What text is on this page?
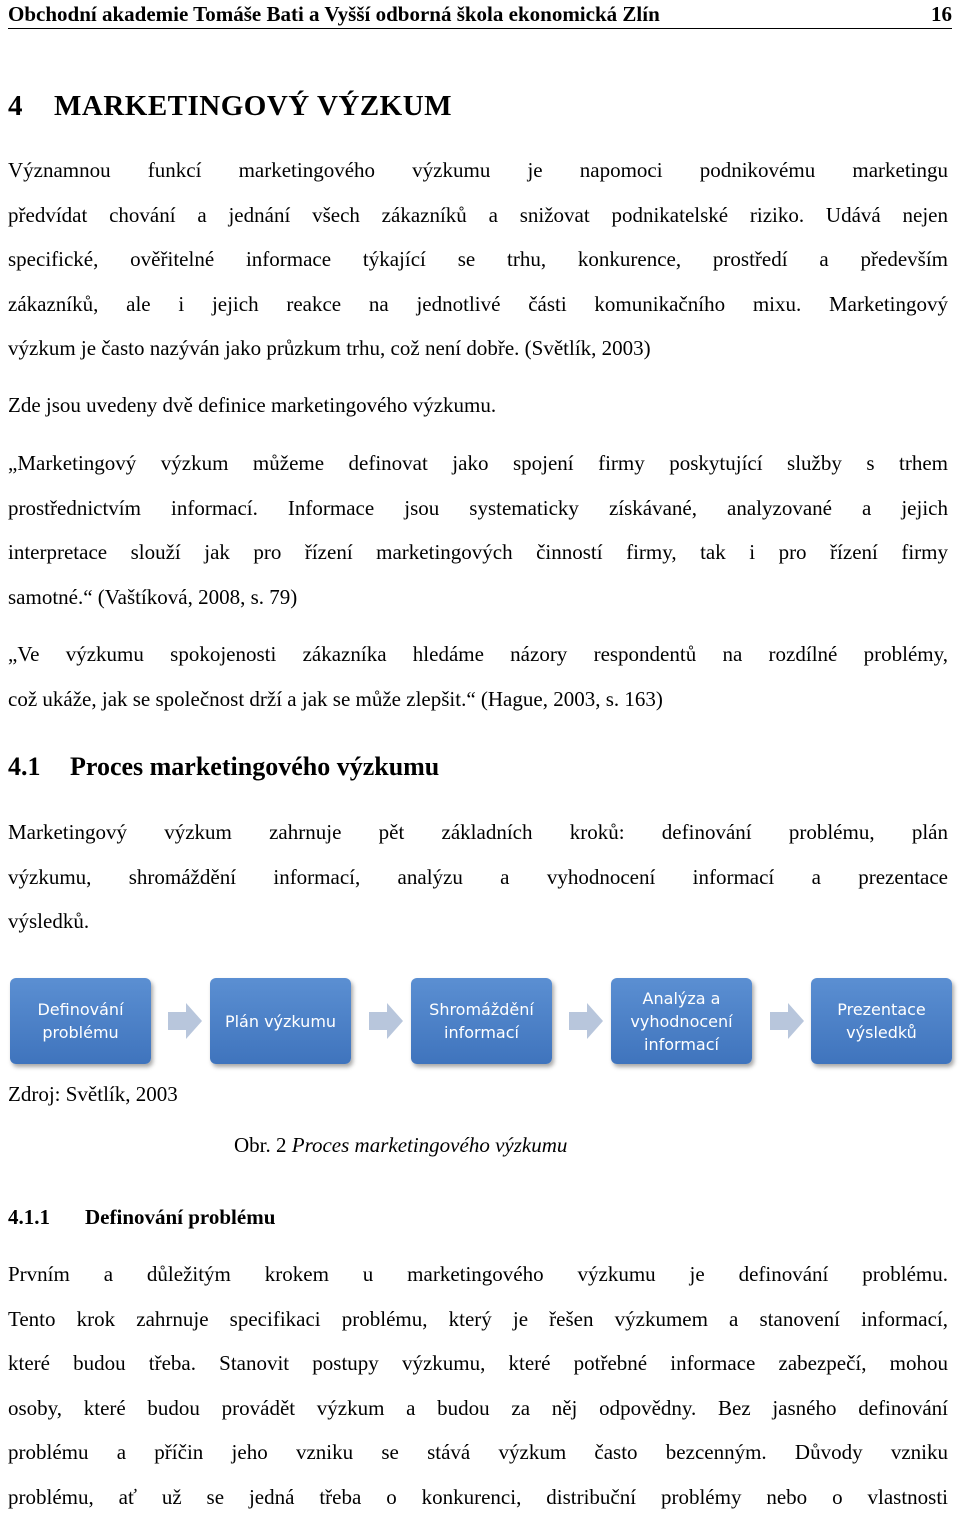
Obchodní akademie Tomáše Bati a Vyšší odborná škola ekonomická Zlín	16
4 MARKETINGOVÝ VÝZKUM
Významnou funkcí marketingového výzkumu je napomoci podnikovému marketingu
předvídat chování a jednání všech zákazníků a snižovat podnikatelské riziko. Udává nejen
specifické, ověřitelné informace týkající se trhu, konkurence, prostředí a především
zákazníků, ale i jejich reakce na jednotlivé části komunikačního mixu. Marketingový
výzkum je často nazýván jako průzkum trhu, což není dobře. (Světlík, 2003)
Zde jsou uvedeny dvě definice marketingového výzkumu.
„Marketingový výzkum můžeme definovat jako spojení firmy poskytující služby s trhem
prostřednictvím informací. Informace jsou systematicky získávané, analyzované a jejich
interpretace slouží jak pro řízení marketingových činností firmy, tak i pro řízení firmy
samotné.“ (Vaštíková, 2008, s. 79)
„Ve výzkumu spokojenosti zákazníka hledáme názory respondentů na rozdílné problémy,
což ukáže, jak se společnost drží a jak se může zlepšit.“ (Hague, 2003, s. 163)
4.1 Proces marketingového výzkumu
Marketingový výzkum zahrnuje pět základních kroků: definování problému, plán
výzkumu, shromáždění informací, analýzu a vyhodnocení informací a prezentace
výsledků.
Definování problému
Plán výzkumu
Shromáždění informací
Analýza a vyhodnocení informací
Prezentace výsledků
Zdroj: Světlík, 2003
Obr. 2 Proces marketingového výzkumu
4.1.1 Definování problému
Prvním a důležitým krokem u marketingového výzkumu je definování problému.
Tento krok zahrnuje specifikaci problému, který je řešen výzkumem a stanovení informací,
které budou třeba. Stanovit postupy výzkumu, které potřebné informace zabezpečí, mohou
osoby, které budou provádět výzkum a budou za něj odpovědny. Bez jasného definování
problému a příčin jeho vzniku se stává výzkum často bezcenným. Důvody vzniku
problému, ať už se jedná třeba o konkurenci, distribuční problémy nebo o vlastnosti
